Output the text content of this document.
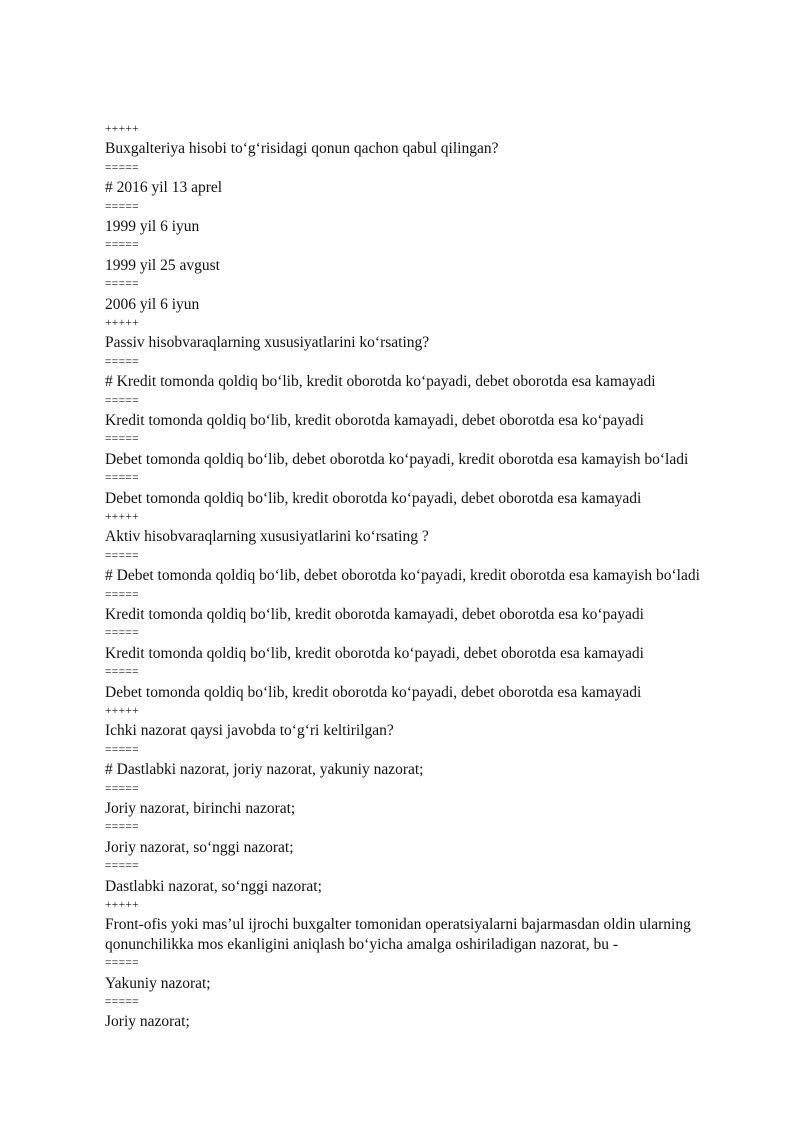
+++++
Buxgalteriya hisobi to‘g‘risidagi qonun qachon qabul qilingan?
=====
# 2016 yil 13 aprel
=====
1999 yil 6 iyun
=====
1999 yil 25 avgust
=====
2006 yil 6 iyun
+++++
Passiv hisobvaraqlarning xususiyatlarini ko‘rsating?
=====
# Kredit tomonda qoldiq bo‘lib, kredit oborotda ko‘payadi, debet oborotda esa kamayadi
=====
Kredit tomonda qoldiq bo‘lib, kredit oborotda kamayadi, debet oborotda esa ko‘payadi
=====
Debet tomonda qoldiq bo‘lib, debet oborotda ko‘payadi, kredit oborotda esa kamayish bo‘ladi
=====
Debet tomonda qoldiq bo‘lib, kredit oborotda ko‘payadi, debet oborotda esa kamayadi
+++++
Aktiv hisobvaraqlarning xususiyatlarini ko‘rsating ?
=====
# Debet tomonda qoldiq bo‘lib, debet oborotda ko‘payadi, kredit oborotda esa kamayish bo‘ladi
=====
Kredit tomonda qoldiq bo‘lib, kredit oborotda kamayadi, debet oborotda esa ko‘payadi
=====
Kredit tomonda qoldiq bo‘lib, kredit oborotda ko‘payadi, debet oborotda esa kamayadi
=====
Debet tomonda qoldiq bo‘lib, kredit oborotda ko‘payadi, debet oborotda esa kamayadi
+++++
Ichki nazorat qaysi javobda to‘g‘ri keltirilgan?
=====
# Dastlabki nazorat, joriy nazorat, yakuniy nazorat;
=====
Joriy nazorat, birinchi nazorat;
=====
Joriy nazorat, so‘nggi nazorat;
=====
Dastlabki nazorat, so‘nggi nazorat;
+++++
Front-ofis yoki mas’ul ijrochi buxgalter tomonidan operatsiyalarni bajarmasdan oldin ularning qonunchilikka mos ekanligini aniqlash bo‘yicha amalga oshiriladigan nazorat, bu -
=====
Yakuniy nazorat;
=====
Joriy nazorat;
